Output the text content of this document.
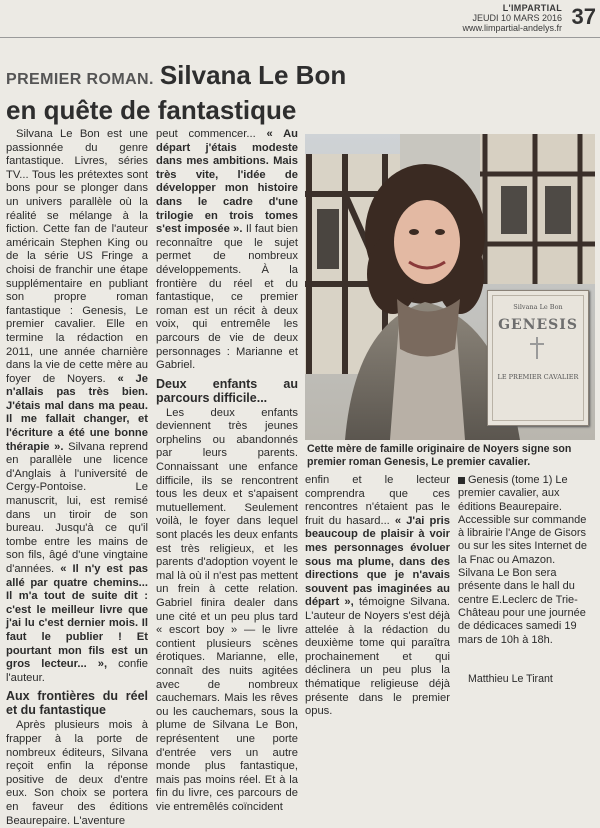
L'IMPARTIAL
JEUDI 10 MARS 2016
www.limpartial-andelys.fr 37
PREMIER ROMAN. Silvana Le Bon
en quête de fantastique

Silvana Le Bon est une passionnée du genre fantastique. Livres, séries TV... Tous les prétextes sont bons pour se plonger dans un univers parallèle où la réalité se mélange à la fiction. Cette fan de l'auteur américain Stephen King ou de la série US Fringe a choisi de franchir une étape supplémentaire en publiant son propre roman fantastique : Genesis, Le premier cavalier. Elle en termine la rédaction en 2011, une année charnière dans la vie de cette mère au foyer de Noyers. « Je n'allais pas très bien. J'étais mal dans ma peau. Il me fallait changer, et l'écriture a été une bonne thérapie ». Silvana reprend en parallèle une licence d'Anglais à l'université de Cergy-Pontoise. Le manuscrit, lui, est remisé dans un tiroir de son bureau. Jusqu'à ce qu'il tombe entre les mains de son fils, âgé d'une vingtaine d'années. « Il n'y est pas allé par quatre chemins... Il m'a tout de suite dit : c'est le meilleur livre que j'ai lu c'est dernier mois. Il faut le publier ! Et pourtant mon fils est un gros lecteur... », confie l'auteur.

Aux frontières du réel et du fantastique

Après plusieurs mois à frapper à la porte de nombreux éditeurs, Silvana reçoit enfin la réponse positive de deux d'entre eux. Son choix se portera en faveur des éditions Beaurepaire. L'aventure

peut commencer... « Au départ j'étais modeste dans mes ambitions. Mais très vite, l'idée de développer mon histoire dans le cadre d'une trilogie en trois tomes s'est imposée ». Il faut bien reconnaître que le sujet permet de nombreux développements. À la frontière du réel et du fantastique, ce premier roman est un récit à deux voix, qui entremêle les parcours de vie de deux personnages : Marianne et Gabriel.

Deux enfants au parcours difficile...

Les deux enfants deviennent très jeunes orphelins ou abandonnés par leurs parents. Connaissant une enfance difficile, ils se rencontrent tous les deux et s'apaisent mutuellement. Seulement voilà, le foyer dans lequel sont placés les deux enfants est très religieux, et les parents d'adoption voyent le mal là où il n'est pas mettent un frein à cette relation. Gabriel finira dealer dans une cité et un peu plus tard « escort boy » — le livre contient plusieurs scènes érotiques. Marianne, elle, connaît des nuits agitées avec de nombreux cauchemars. Mais les rêves ou les cauchemars, sous la plume de Silvana Le Bon, représentent une porte d'entrée vers un autre monde plus fantastique, mais pas moins réel. Et à la fin du livre, ces parcours de vie entremêlés coïncident

Silvana Le Bon
GENESIS
LE PREMIER CAVALIER
Cette mère de famille originaire de Noyers signe son premier roman Genesis, Le premier cavalier.

enfin et le lecteur comprendra que ces rencontres n'étaient pas le fruit du hasard... « J'ai pris beaucoup de plaisir à voir mes personnages évoluer sous ma plume, dans des directions que je n'avais souvent pas imaginées au départ », témoigne Silvana. L'auteur de Noyers s'est déjà attelée à la rédaction du deuxième tome qui paraîtra prochainement et qui déclinera un peu plus la thématique religieuse déjà présente dans le premier opus.

Genesis (tome 1) Le premier cavalier, aux éditions Beaurepaire. Accessible sur commande à librairie l'Ange de Gisors ou sur les sites Internet de la Fnac ou Amazon. Silvana Le Bon sera présente dans le hall du centre E.Leclerc de Trie-Château pour une journée de dédicaces samedi 19 mars de 10h à 18h.

Matthieu Le Tirant
